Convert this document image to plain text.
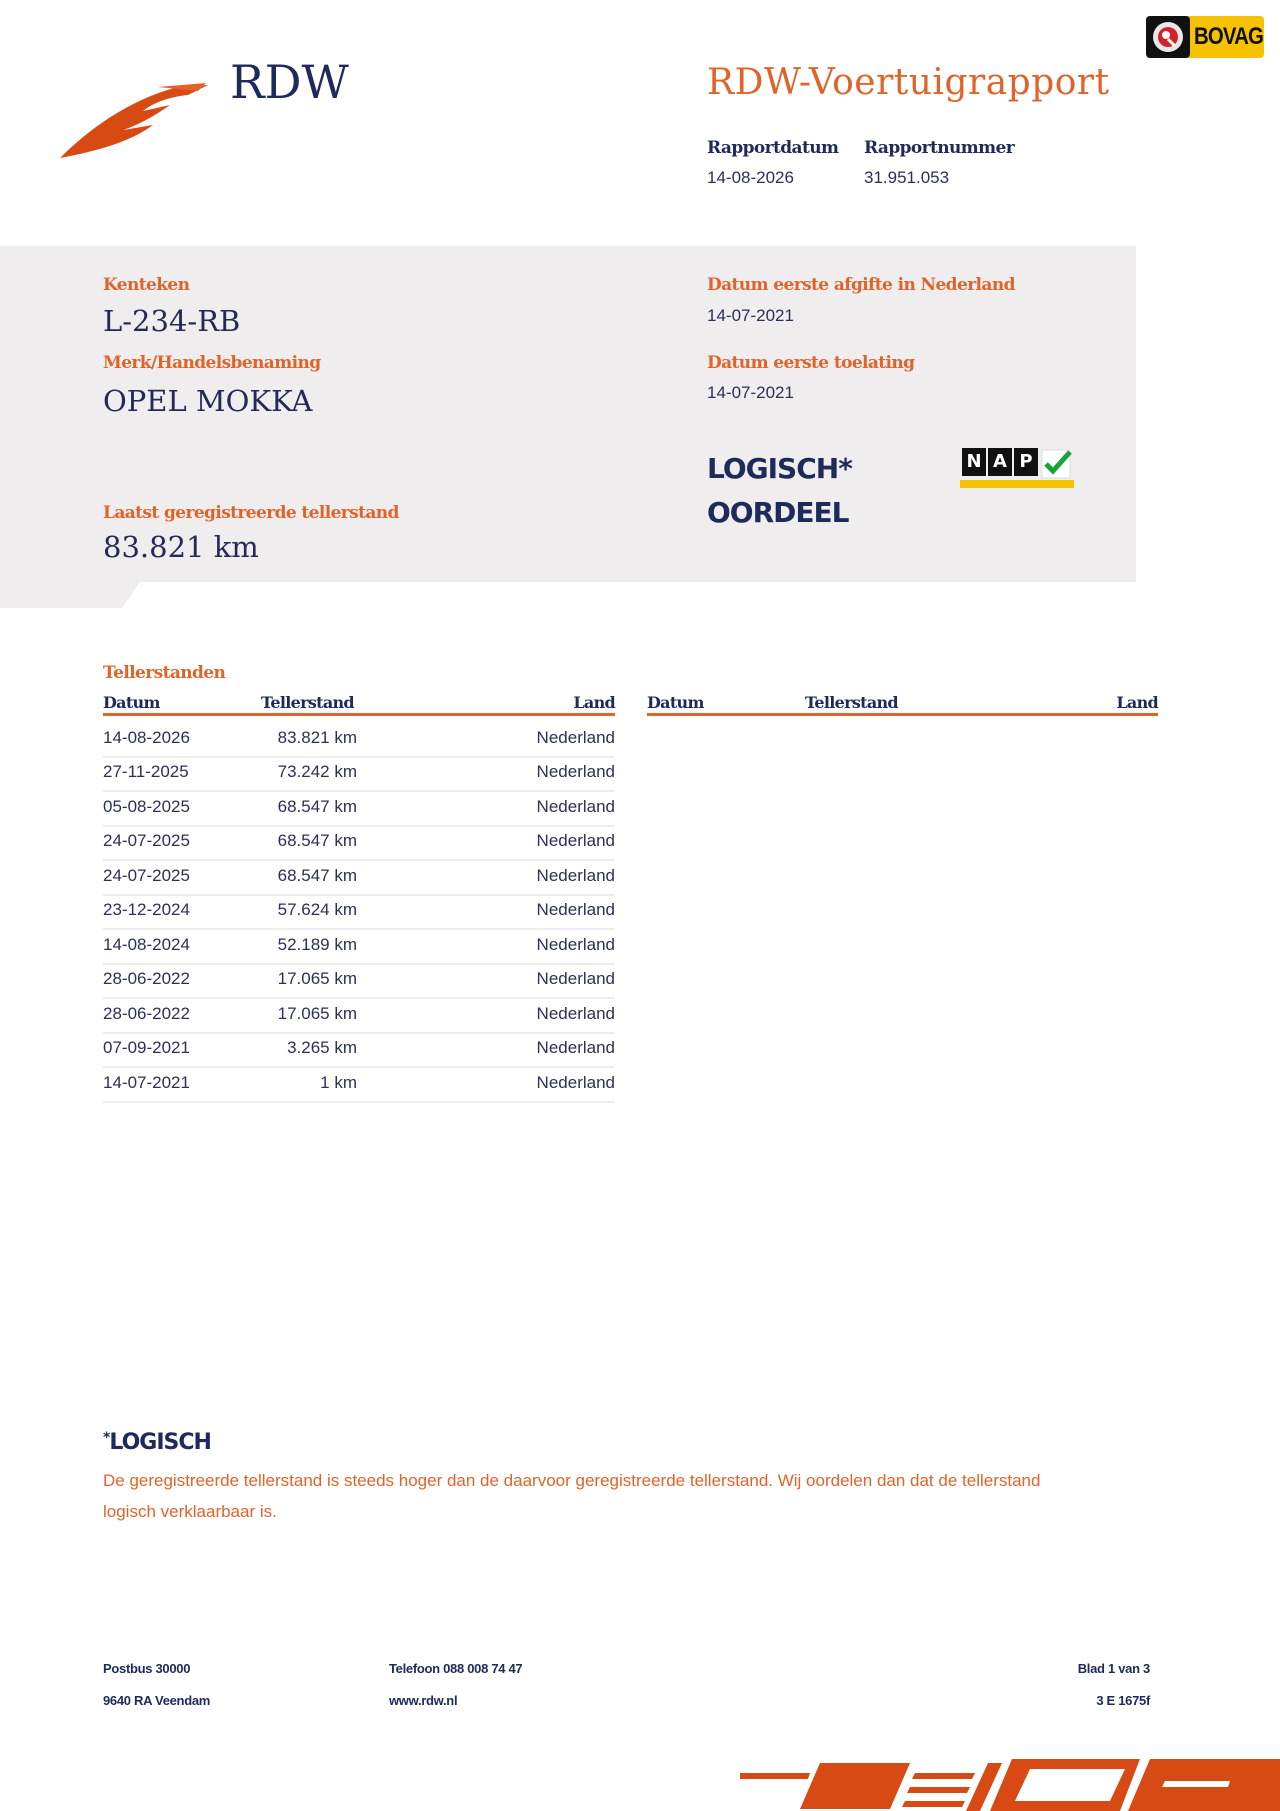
BOVAG
RDW	RDW-Voertuigrapport
Rapportdatum
14-08-2026
Rapportnummer
31.951.053
Kenteken
L-234-RB
Merk/Handelsbenaming
OPEL MOKKA
Laatst geregistreerde tellerstand
83.821 km
Datum eerste afgifte in Nederland
14-07-2021
Datum eerste toelating
14-07-2021
LOGISCH*
OORDEEL
N A P
Tellerstanden
Datum	Tellerstand	Land Datum	Tellerstand	Land
14-08-2026	83.821 km	Nederland
27-11-2025	73.242 km	Nederland
05-08-2025	68.547 km	Nederland
24-07-2025	68.547 km	Nederland
24-07-2025	68.547 km	Nederland
23-12-2024	57.624 km	Nederland
14-08-2024	52.189 km	Nederland
28-06-2022	17.065 km	Nederland
28-06-2022	17.065 km	Nederland
07-09-2021	3.265 km	Nederland
14-07-2021	1 km	Nederland
*LOGISCH
De geregistreerde tellerstand is steeds hoger dan de daarvoor geregistreerde tellerstand. Wij oordelen dan dat de tellerstand logisch verklaarbaar is.
Postbus 30000
9640 RA Veendam
Telefoon 088 008 74 47
www.rdw.nl
Blad 1 van 3
3 E 1675f
